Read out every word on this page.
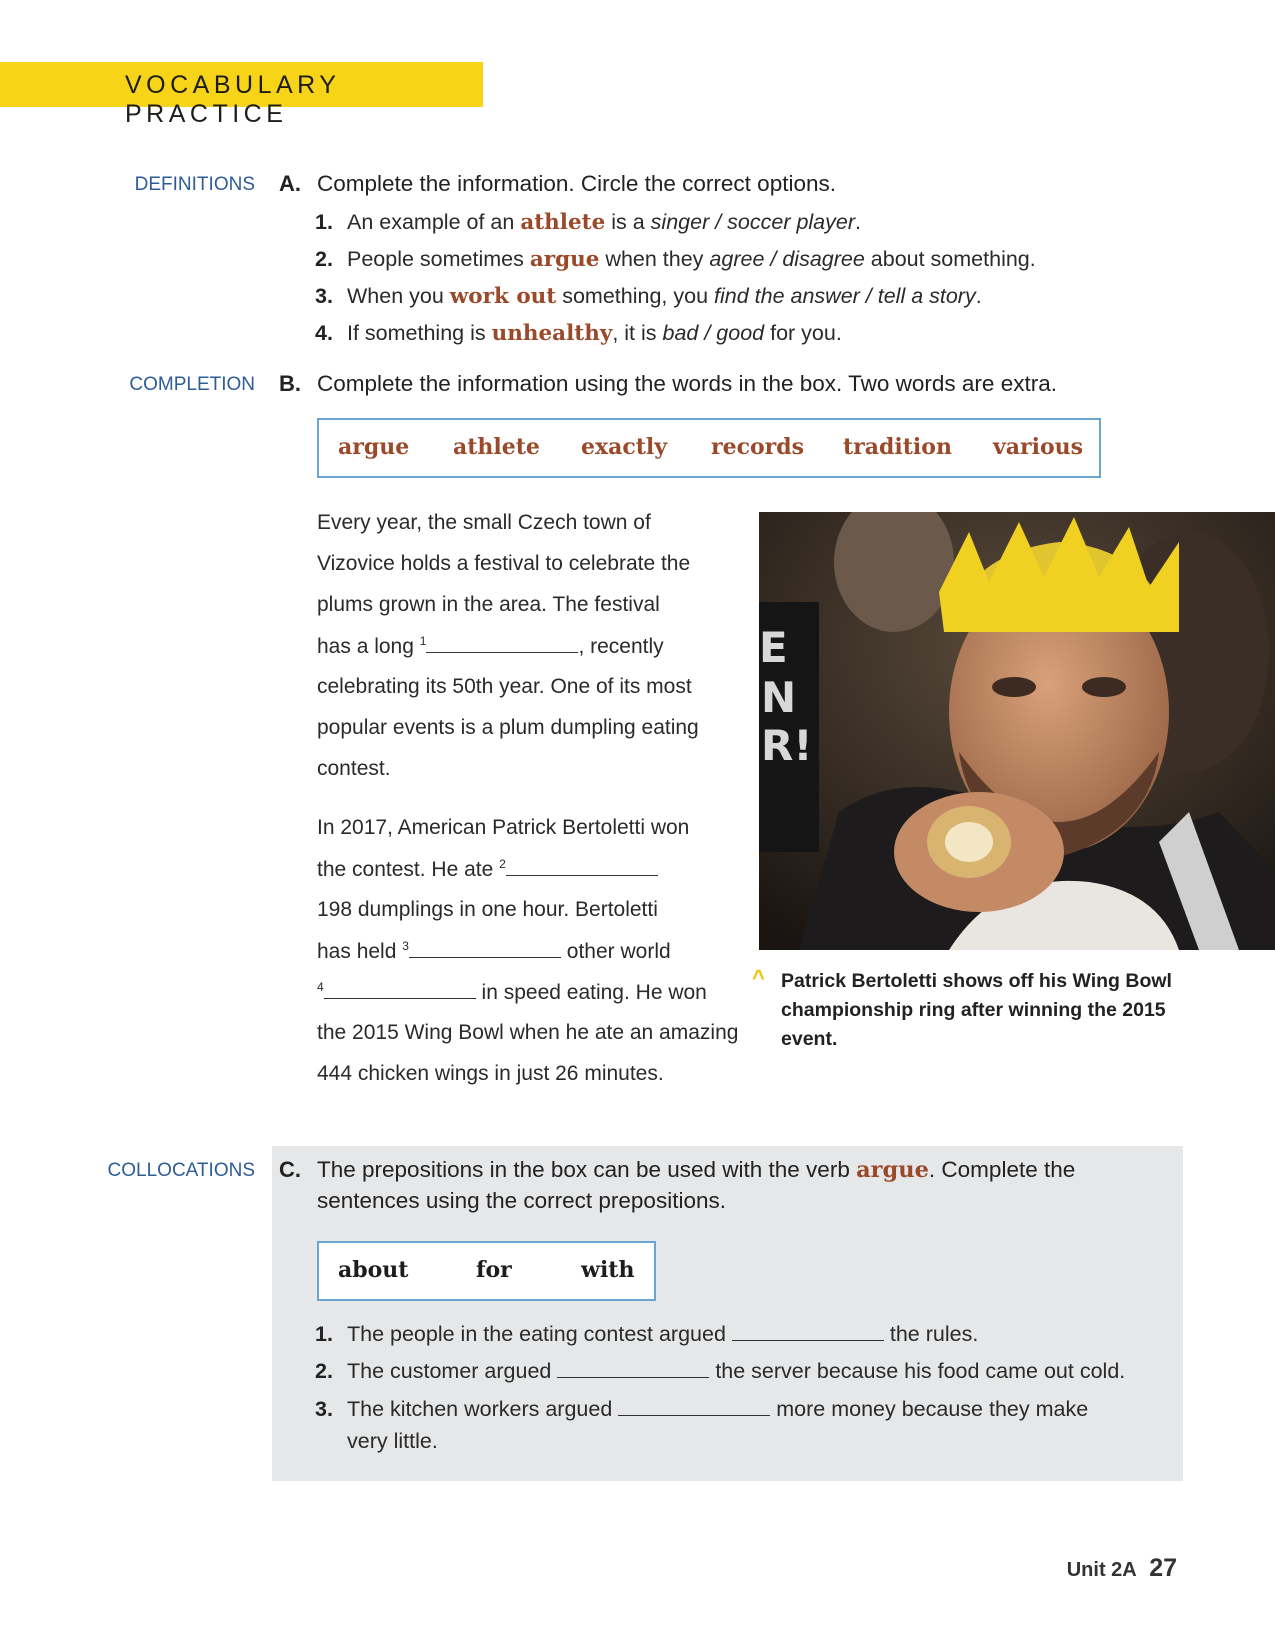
VOCABULARY PRACTICE
DEFINITIONS A. Complete the information. Circle the correct options.
1. An example of an athlete is a singer / soccer player.
2. People sometimes argue when they agree / disagree about something.
3. When you work out something, you find the answer / tell a story.
4. If something is unhealthy, it is bad / good for you.
COMPLETION B. Complete the information using the words in the box. Two words are extra.
argue athlete exactly records tradition various
Every year, the small Czech town of
Vizovice holds a festival to celebrate the
plums grown in the area. The festival
has a long $^1$	, recently
celebrating its 50th year. One of its most
popular events is a plum dumpling eating
contest.
In 2017, American Patrick Bertoletti won
the contest. He ate $^2$
198 dumplings in one hour. Bertoletti
has held $^3$	other world
$^4$	in speed eating. He won
the 2015 Wing Bowl when he ate an amazing
444 chicken wings in just 26 minutes.
E
N
R!
^ Patrick Bertoletti shows off his Wing Bowl championship ring after winning the 2015 event.
COLLOCATIONS C. The prepositions in the box can be used with the verb argue. Complete the
sentences using the correct prepositions.
about	for	with
1. The people in the eating contest argued	the rules.
2. The customer argued	the server because his food came out cold.
3. The kitchen workers argued	more money because they make
very little.
Unit 2A 27
